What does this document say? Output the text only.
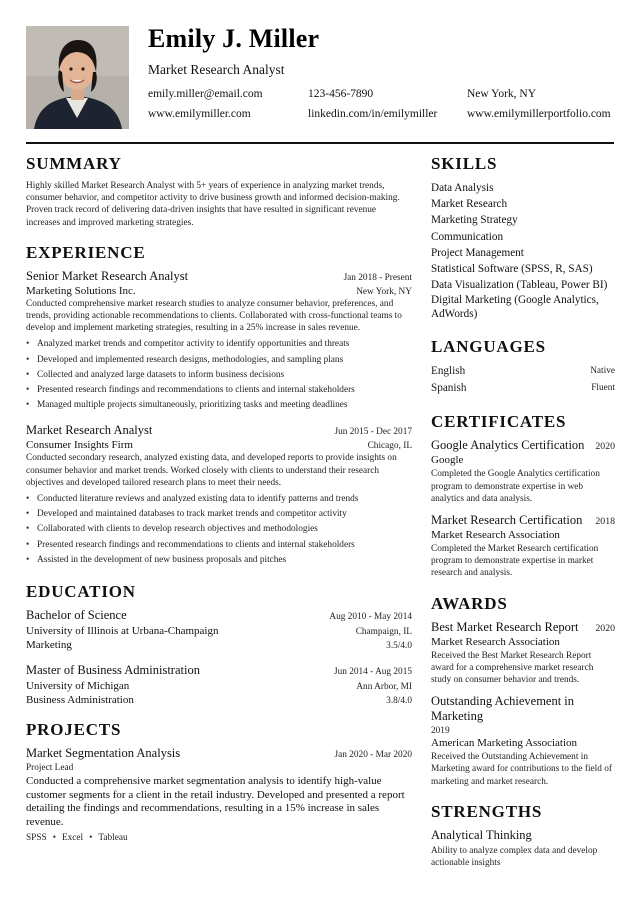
Emily J. Miller
Market Research Analyst
emily.miller@email.com	123-456-7890	New York, NY
www.emilymiller.com	linkedin.com/in/emilymiller	www.emilymillerportfolio.com
SUMMARY

Highly skilled Market Research Analyst with 5+ years of experience in analyzing market trends, consumer behavior, and competitor activity to drive business growth and informed decision-making. Proven track record of delivering data-driven insights that have resulted in significant revenue increases and improved marketing strategies.

EXPERIENCE
Senior Market Research Analyst	Jan 2018 - Present
Marketing Solutions Inc.	New York, NY

Conducted comprehensive market research studies to analyze consumer behavior, preferences, and trends, providing actionable recommendations to clients. Collaborated with cross-functional teams to develop and implement marketing strategies, resulting in a 25% increase in sales revenue.

• Analyzed market trends and competitor activity to identify opportunities and threats
• Developed and implemented research designs, methodologies, and sampling plans
• Collected and analyzed large datasets to inform business decisions
• Presented research findings and recommendations to clients and internal stakeholders
• Managed multiple projects simultaneously, prioritizing tasks and meeting deadlines
Market Research Analyst	Jun 2015 - Dec 2017
Consumer Insights Firm	Chicago, IL

Conducted secondary research, analyzed existing data, and developed reports to provide insights on consumer behavior and market trends. Worked closely with clients to understand their research objectives and developed tailored research plans to meet their needs.

• Conducted literature reviews and analyzed existing data to identify patterns and trends
• Developed and maintained databases to track market trends and competitor activity
• Collaborated with clients to develop research objectives and methodologies
• Presented research findings and recommendations to clients and internal stakeholders
• Assisted in the development of new business proposals and pitches
EDUCATION
Bachelor of Science	Aug 2010 - May 2014
University of Illinois at Urbana-Champaign	Champaign, IL
Marketing	3.5/4.0
Master of Business Administration	Jun 2014 - Aug 2015
University of Michigan	Ann Arbor, MI
Business Administration	3.8/4.0
PROJECTS
Market Segmentation Analysis	Jan 2020 - Mar 2020
Project Lead

Conducted a comprehensive market segmentation analysis to identify high-value customer segments for a client in the retail industry. Developed and presented a report detailing the findings and recommendations, resulting in a 15% increase in sales revenue.

SPSS • Excel • Tableau
SKILLS
Data Analysis
Market Research
Marketing Strategy
Communication
Project Management
Statistical Software (SPSS, R, SAS)
Data Visualization (Tableau, Power BI)
Digital Marketing (Google Analytics, AdWords)
LANGUAGES
English	Native
Spanish	Fluent
CERTIFICATES
Google Analytics Certification 2020
Google

Completed the Google Analytics certification program to demonstrate expertise in web analytics and data analysis.

Market Research Certification 2018
Market Research Association

Completed the Market Research certification program to demonstrate expertise in market research and analysis.

AWARDS
Best Market Research Report 2020
Market Research Association

Received the Best Market Research Report award for a comprehensive market research study on consumer behavior and trends.

Outstanding Achievement in Marketing
2019
American Marketing Association

Received the Outstanding Achievement in Marketing award for contributions to the field of marketing and market research.

STRENGTHS
Analytical Thinking

Ability to analyze complex data and develop actionable insights
